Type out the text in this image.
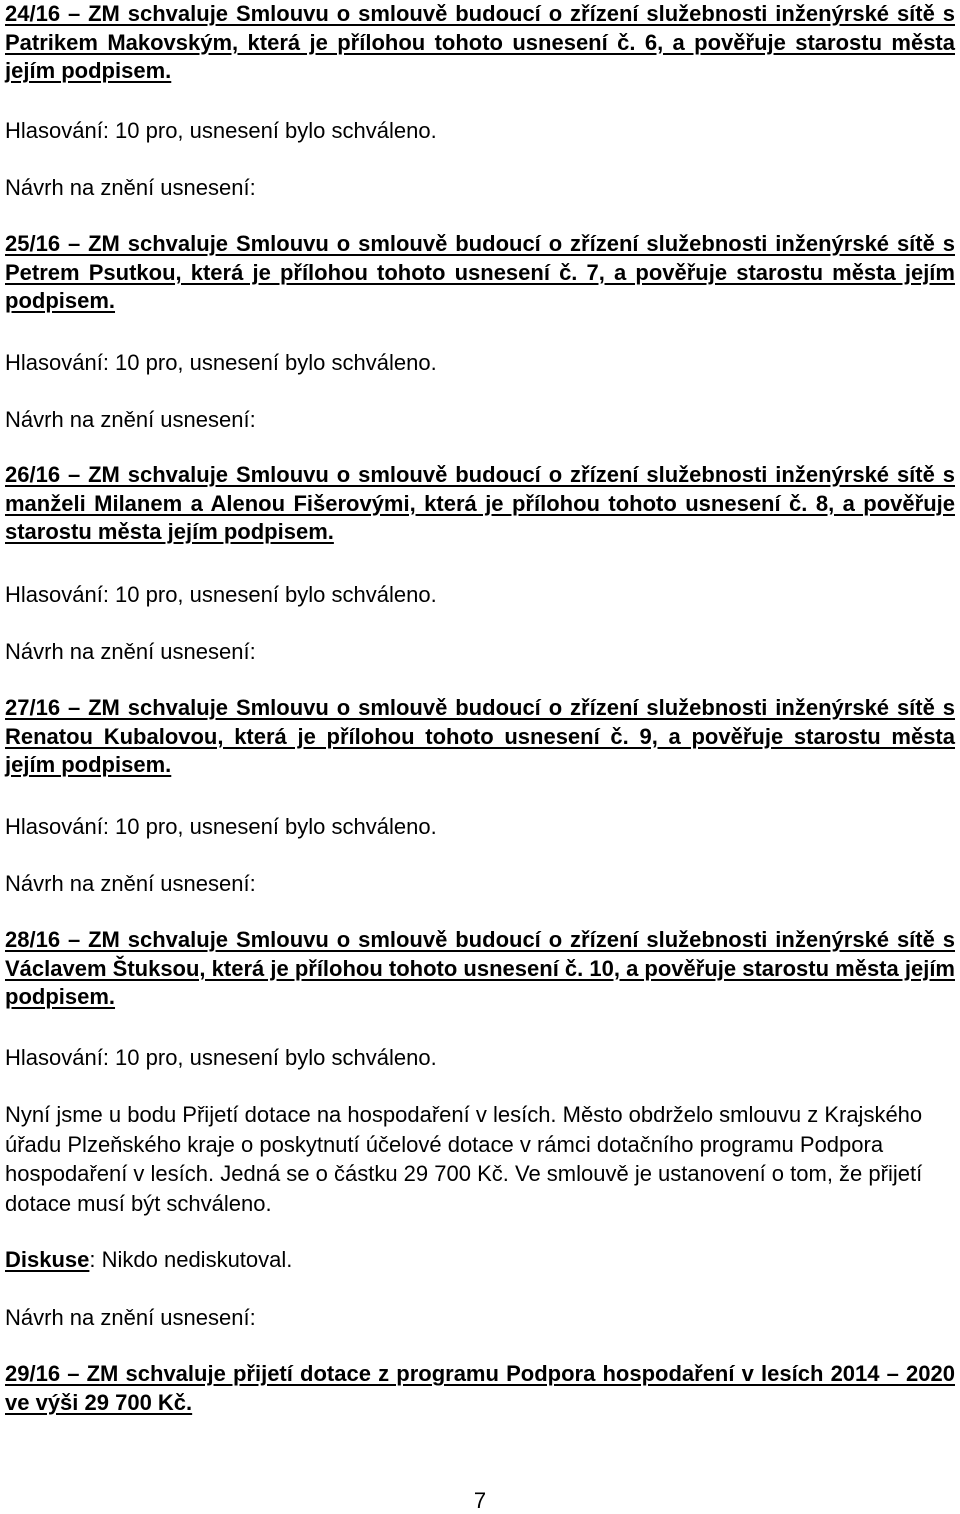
24/16 – ZM schvaluje Smlouvu o smlouvě budoucí o zřízení služebnosti inženýrské sítě s Patrikem Makovským, která je přílohou tohoto usnesení č. 6, a pověřuje starostu města jejím podpisem.

Hlasování: 10 pro, usnesení bylo schváleno.

Návrh na znění usnesení:

25/16 – ZM schvaluje Smlouvu o smlouvě budoucí o zřízení služebnosti inženýrské sítě s Petrem Psutkou, která je přílohou tohoto usnesení č. 7, a pověřuje starostu města jejím podpisem.

Hlasování: 10 pro, usnesení bylo schváleno.

Návrh na znění usnesení:

26/16 – ZM schvaluje Smlouvu o smlouvě budoucí o zřízení služebnosti inženýrské sítě s manželi Milanem a Alenou Fišerovými, která je přílohou tohoto usnesení č. 8, a pověřuje starostu města jejím podpisem.

Hlasování: 10 pro, usnesení bylo schváleno.

Návrh na znění usnesení:

27/16 – ZM schvaluje Smlouvu o smlouvě budoucí o zřízení služebnosti inženýrské sítě s Renatou Kubalovou, která je přílohou tohoto usnesení č. 9, a pověřuje starostu města jejím podpisem.

Hlasování: 10 pro, usnesení bylo schváleno.

Návrh na znění usnesení:

28/16 – ZM schvaluje Smlouvu o smlouvě budoucí o zřízení služebnosti inženýrské sítě s Václavem Štuksou, která je přílohou tohoto usnesení č. 10, a pověřuje starostu města jejím podpisem.

Hlasování: 10 pro, usnesení bylo schváleno.

Nyní jsme u bodu Přijetí dotace na hospodaření v lesích. Město obdrželo smlouvu z Krajského úřadu Plzeňského kraje o poskytnutí účelové dotace v rámci dotačního programu Podpora hospodaření v lesích. Jedná se o částku 29 700 Kč. Ve smlouvě je ustanovení o tom, že přijetí dotace musí být schváleno.

Diskuse: Nikdo nediskutoval.

Návrh na znění usnesení:

29/16 – ZM schvaluje přijetí dotace z programu Podpora hospodaření v lesích 2014 – 2020 ve výši 29 700 Kč.

7
